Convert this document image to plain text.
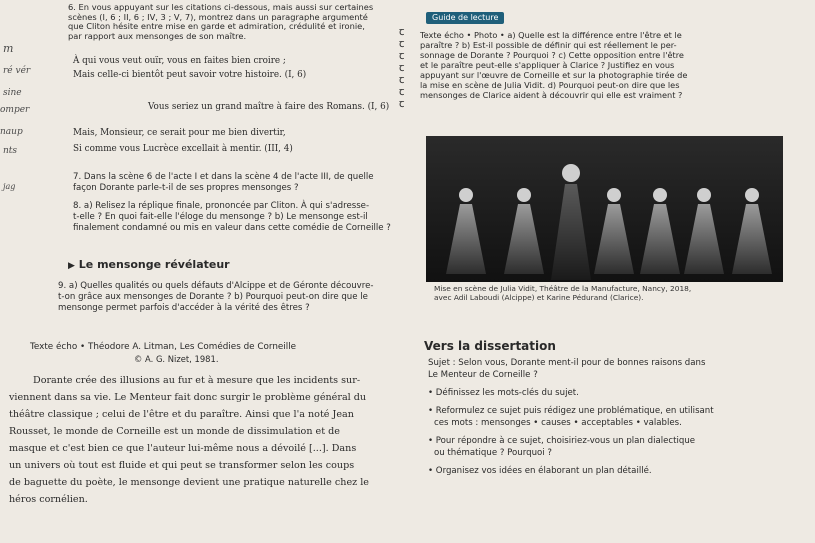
m
ré vér
sine
omper
naup
nts
jag
6. En vous appuyant sur les citations ci-dessous, mais aussi sur certaines
scènes (I, 6 ; II, 6 ; IV, 3 ; V, 7), montrez dans un paragraphe argumenté
que Cliton hésite entre mise en garde et admiration, crédulité et ironie,
par rapport aux mensonges de son maître.
À qui vous veut ouïr, vous en faites bien croire ;
Mais celle-ci bientôt peut savoir votre histoire. (I, 6)
Vous seriez un grand maître à faire des Romans. (I, 6)
Mais, Monsieur, ce serait pour me bien divertir,
Si comme vous Lucrèce excellait à mentir. (III, 4)
7. Dans la scène 6 de l'acte I et dans la scène 4 de l'acte III, de quelle
façon Dorante parle-t-il de ses propres mensonges ?
8. a) Relisez la réplique finale, prononcée par Cliton. À qui s'adresse-
t-elle ? En quoi fait-elle l'éloge du mensonge ? b) Le mensonge est-il
finalement condamné ou mis en valeur dans cette comédie de Corneille ?
▶ Le mensonge révélateur
9. a) Quelles qualités ou quels défauts d'Alcippe et de Géronte découvre-
t-on grâce aux mensonges de Dorante ? b) Pourquoi peut-on dire que le
mensonge permet parfois d'accéder à la vérité des êtres ?
Guide de lecture
ꞇ
ꞇ
ꞇ
ꞇ
ꞇ
ꞇ
ꞇ
Texte écho • Photo • a) Quelle est la différence entre l'être et le
paraître ? b) Est-il possible de définir qui est réellement le per-
sonnage de Dorante ? Pourquoi ? c) Cette opposition entre l'être
et le paraître peut-elle s'appliquer à Clarice ? Justifiez en vous
appuyant sur l'œuvre de Corneille et sur la photographie tirée de
la mise en scène de Julia Vidit. d) Pourquoi peut-on dire que les
mensonges de Clarice aident à découvrir qui elle est vraiment ?
Mise en scène de Julia Vidit, Théâtre de la Manufacture, Nancy, 2018,
avec Adil Laboudi (Alcippe) et Karine Pédurand (Clarice).
Texte écho • Théodore A. Litman, Les Comédies de Corneille
© A. G. Nizet, 1981.
Dorante crée des illusions au fur et à mesure que les incidents sur-
viennent dans sa vie. Le Menteur fait donc surgir le problème général du
théâtre classique ; celui de l'être et du paraître. Ainsi que l'a noté Jean
Rousset, le monde de Corneille est un monde de dissimulation et de
masque et c'est bien ce que l'auteur lui-même nous a dévoilé [...]. Dans
un univers où tout est fluide et qui peut se transformer selon les coups
de baguette du poète, le mensonge devient une pratique naturelle chez le
héros cornélien.
Vers la dissertation
Sujet : Selon vous, Dorante ment-il pour de bonnes raisons dans
Le Menteur de Corneille ?
• Définissez les mots-clés du sujet.
• Reformulez ce sujet puis rédigez une problématique, en utilisant
ces mots : mensonges • causes • acceptables • valables.
• Pour répondre à ce sujet, choisiriez-vous un plan dialectique
ou thématique ? Pourquoi ?
• Organisez vos idées en élaborant un plan détaillé.
